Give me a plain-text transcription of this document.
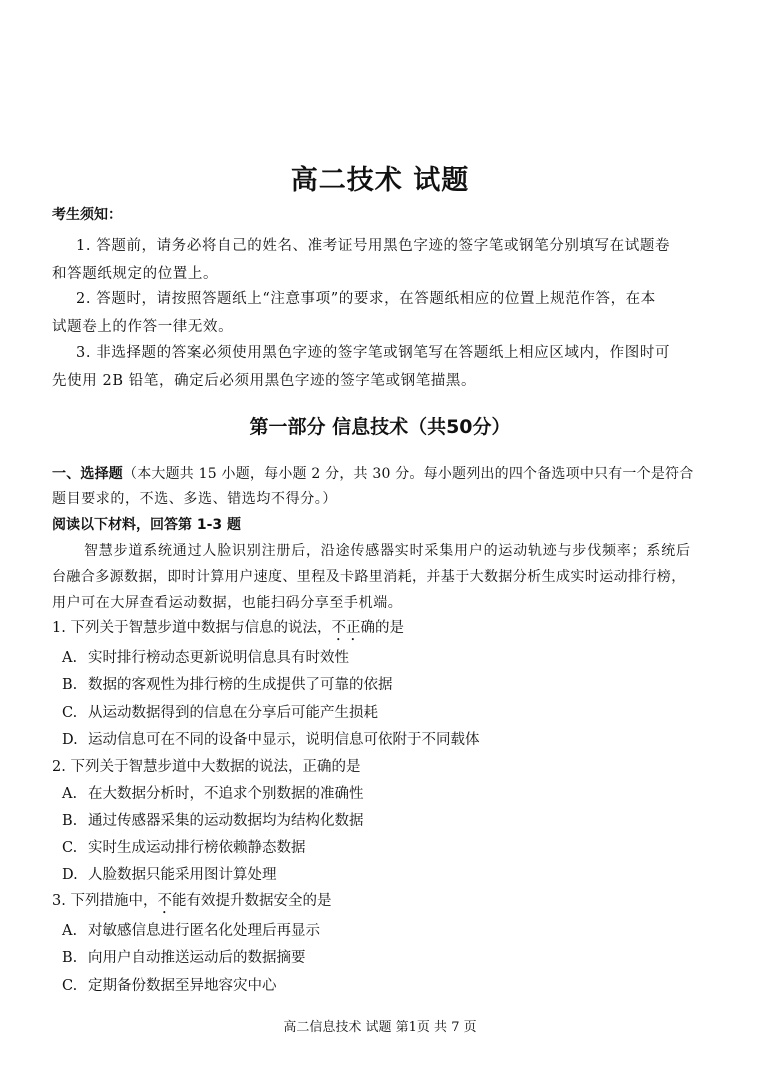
高二技术 试题
考生须知：
1. 答题前，请务必将自己的姓名、准考证号用黑色字迹的签字笔或钢笔分别填写在试题卷
和答题纸规定的位置上。
2. 答题时，请按照答题纸上“注意事项”的要求，在答题纸相应的位置上规范作答，在本
试题卷上的作答一律无效。
3. 非选择题的答案必须使用黑色字迹的签字笔或钢笔写在答题纸上相应区域内，作图时可
先使用 2B 铅笔，确定后必须用黑色字迹的签字笔或钢笔描黑。
第一部分 信息技术（共50分）
一、选择题（本大题共 15 小题，每小题 2 分，共 30 分。每小题列出的四个备选项中只有一个是符合
题目要求的，不选、多选、错选均不得分。）
阅读以下材料，回答第 1-3 题
智慧步道系统通过人脸识别注册后，沿途传感器实时采集用户的运动轨迹与步伐频率；系统后
台融合多源数据，即时计算用户速度、里程及卡路里消耗，并基于大数据分析生成实时运动排行榜，
用户可在大屏查看运动数据，也能扫码分享至手机端。
1. 下列关于智慧步道中数据与信息的说法，不正确的是
A. 实时排行榜动态更新说明信息具有时效性
B. 数据的客观性为排行榜的生成提供了可靠的依据
C. 从运动数据得到的信息在分享后可能产生损耗
D. 运动信息可在不同的设备中显示，说明信息可依附于不同载体
2. 下列关于智慧步道中大数据的说法，正确的是
A. 在大数据分析时，不追求个别数据的准确性
B. 通过传感器采集的运动数据均为结构化数据
C. 实时生成运动排行榜依赖静态数据
D. 人脸数据只能采用图计算处理
3. 下列措施中，不能有效提升数据安全的是
A. 对敏感信息进行匿名化处理后再显示
B. 向用户自动推送运动后的数据摘要
C. 定期备份数据至异地容灾中心
高二信息技术 试题 第1页 共 7 页
